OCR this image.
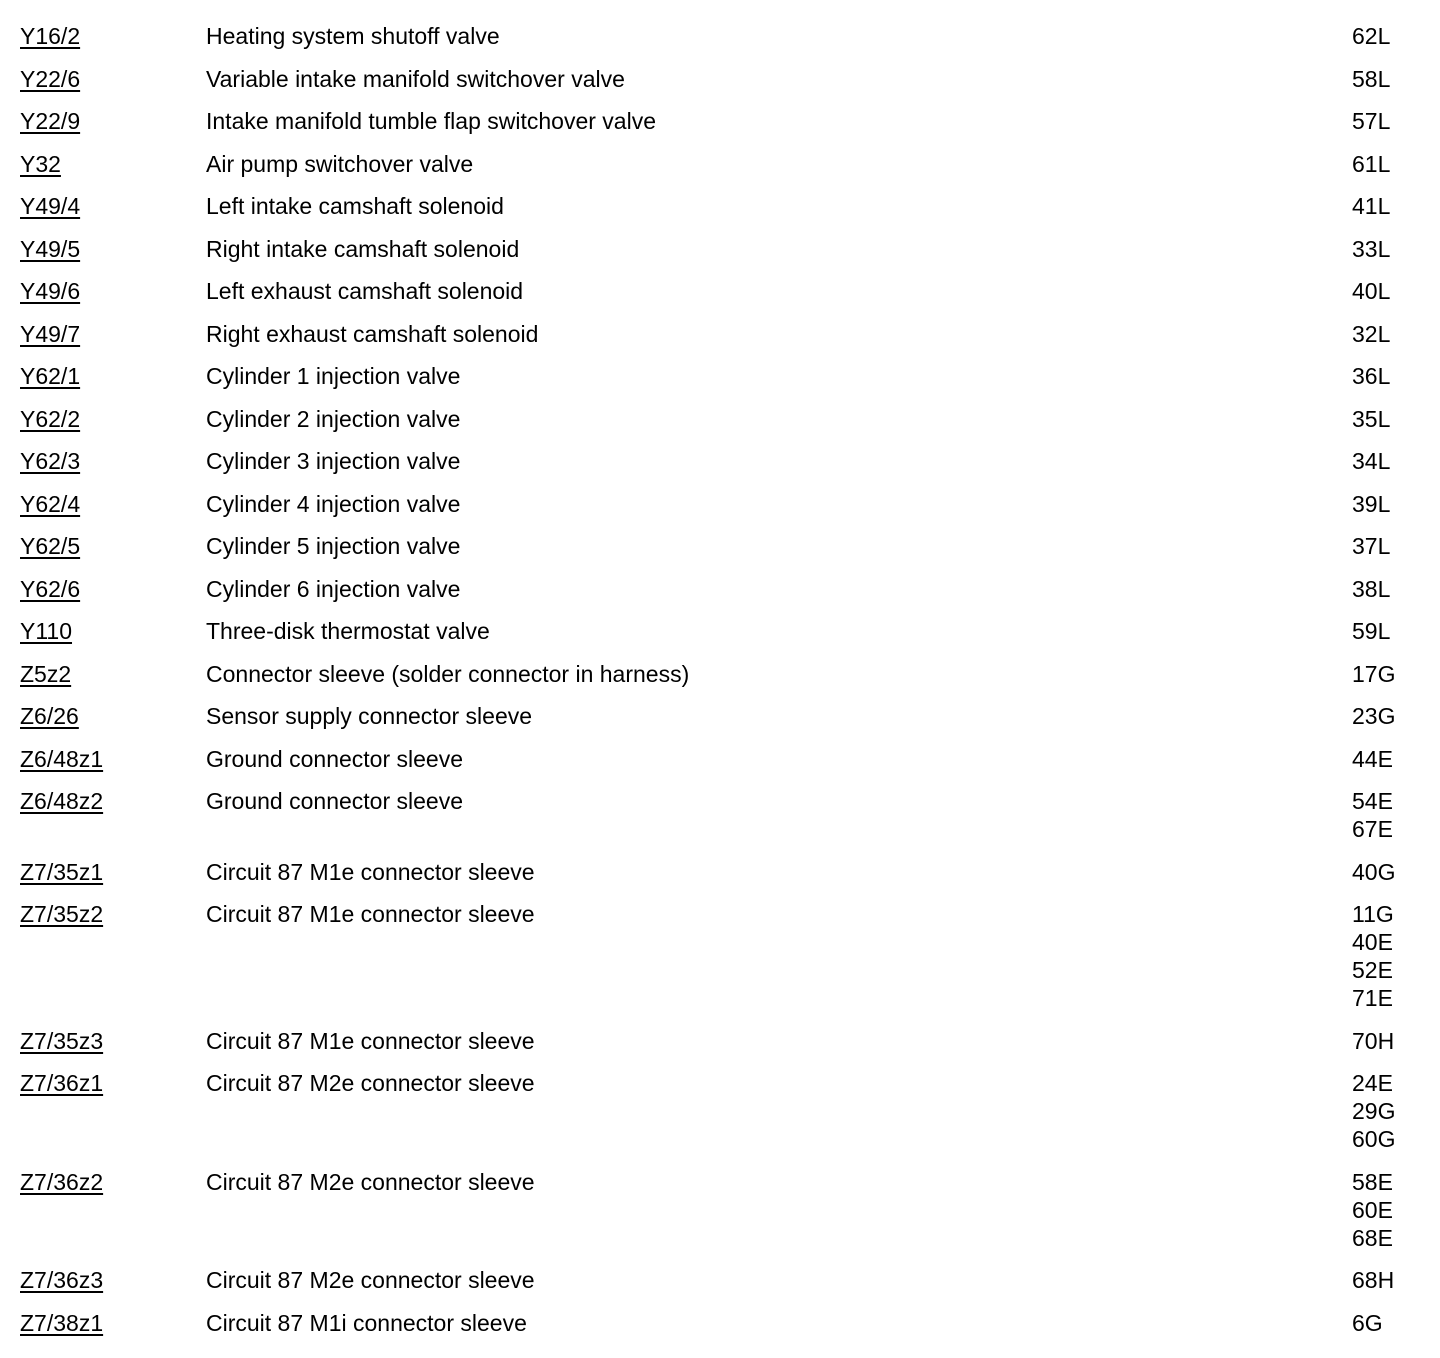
Y16/2	Heating system shutoff valve	62L
Y22/6	Variable intake manifold switchover valve	58L
Y22/9	Intake manifold tumble flap switchover valve	57L
Y32	Air pump switchover valve	61L
Y49/4	Left intake camshaft solenoid	41L
Y49/5	Right intake camshaft solenoid	33L
Y49/6	Left exhaust camshaft solenoid	40L
Y49/7	Right exhaust camshaft solenoid	32L
Y62/1	Cylinder 1 injection valve	36L
Y62/2	Cylinder 2 injection valve	35L
Y62/3	Cylinder 3 injection valve	34L
Y62/4	Cylinder 4 injection valve	39L
Y62/5	Cylinder 5 injection valve	37L
Y62/6	Cylinder 6 injection valve	38L
Y110	Three-disk thermostat valve	59L
Z5z2	Connector sleeve (solder connector in harness)	17G
Z6/26	Sensor supply connector sleeve	23G
Z6/48z1	Ground connector sleeve	44E
Z6/48z2	Ground connector sleeve	54E
67E
Z7/35z1	Circuit 87 M1e connector sleeve	40G
Z7/35z2	Circuit 87 M1e connector sleeve	11G
40E
52E
71E
Z7/35z3	Circuit 87 M1e connector sleeve	70H
Z7/36z1	Circuit 87 M2e connector sleeve	24E
29G
60G
Z7/36z2	Circuit 87 M2e connector sleeve	58E
60E
68E
Z7/36z3	Circuit 87 M2e connector sleeve	68H
Z7/38z1	Circuit 87 M1i connector sleeve	6G
